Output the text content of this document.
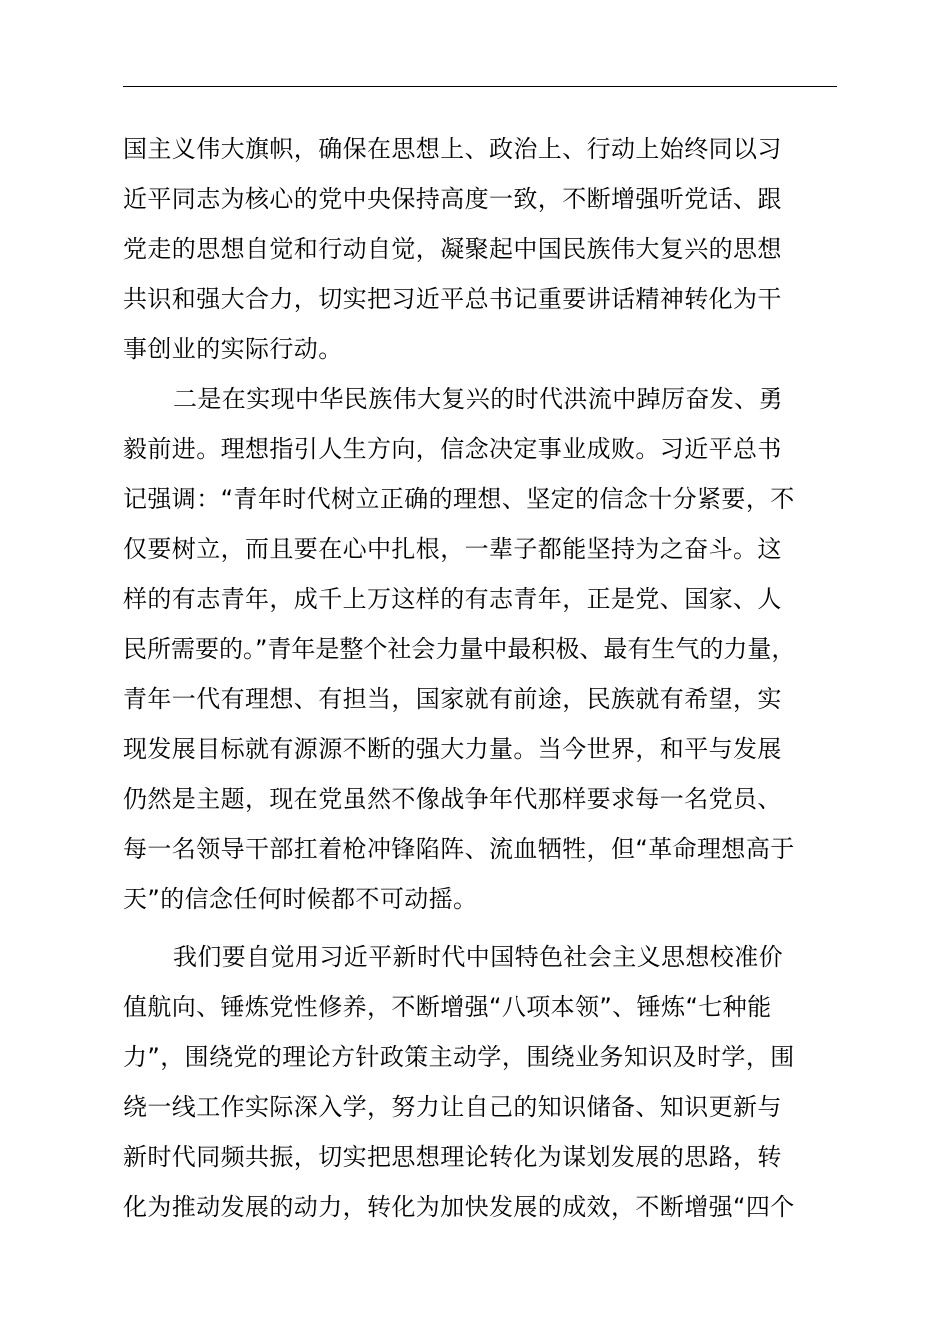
国主义伟大旗帜，确保在思想上、政治上、行动上始终同以习
近平同志为核心的党中央保持高度一致，不断增强听党话、跟
党走的思想自觉和行动自觉，凝聚起中国民族伟大复兴的思想
共识和强大合力，切实把习近平总书记重要讲话精神转化为干
事创业的实际行动。
二是在实现中华民族伟大复兴的时代洪流中踔厉奋发、勇
毅前进。理想指引人生方向，信念决定事业成败。习近平总书
记强调：“青年时代树立正确的理想、坚定的信念十分紧要，不
仅要树立，而且要在心中扎根，一辈子都能坚持为之奋斗。这
样的有志青年，成千上万这样的有志青年，正是党、国家、人
民所需要的。”青年是整个社会力量中最积极、最有生气的力量，
青年一代有理想、有担当，国家就有前途，民族就有希望，实
现发展目标就有源源不断的强大力量。当今世界，和平与发展
仍然是主题，现在党虽然不像战争年代那样要求每一名党员、
每一名领导干部扛着枪冲锋陷阵、流血牺牲，但“革命理想高于
天”的信念任何时候都不可动摇。
我们要自觉用习近平新时代中国特色社会主义思想校准价
值航向、锤炼党性修养，不断增强“八项本领”、锤炼“七种能
力”，围绕党的理论方针政策主动学，围绕业务知识及时学，围
绕一线工作实际深入学，努力让自己的知识储备、知识更新与
新时代同频共振，切实把思想理论转化为谋划发展的思路，转
化为推动发展的动力，转化为加快发展的成效，不断增强“四个
